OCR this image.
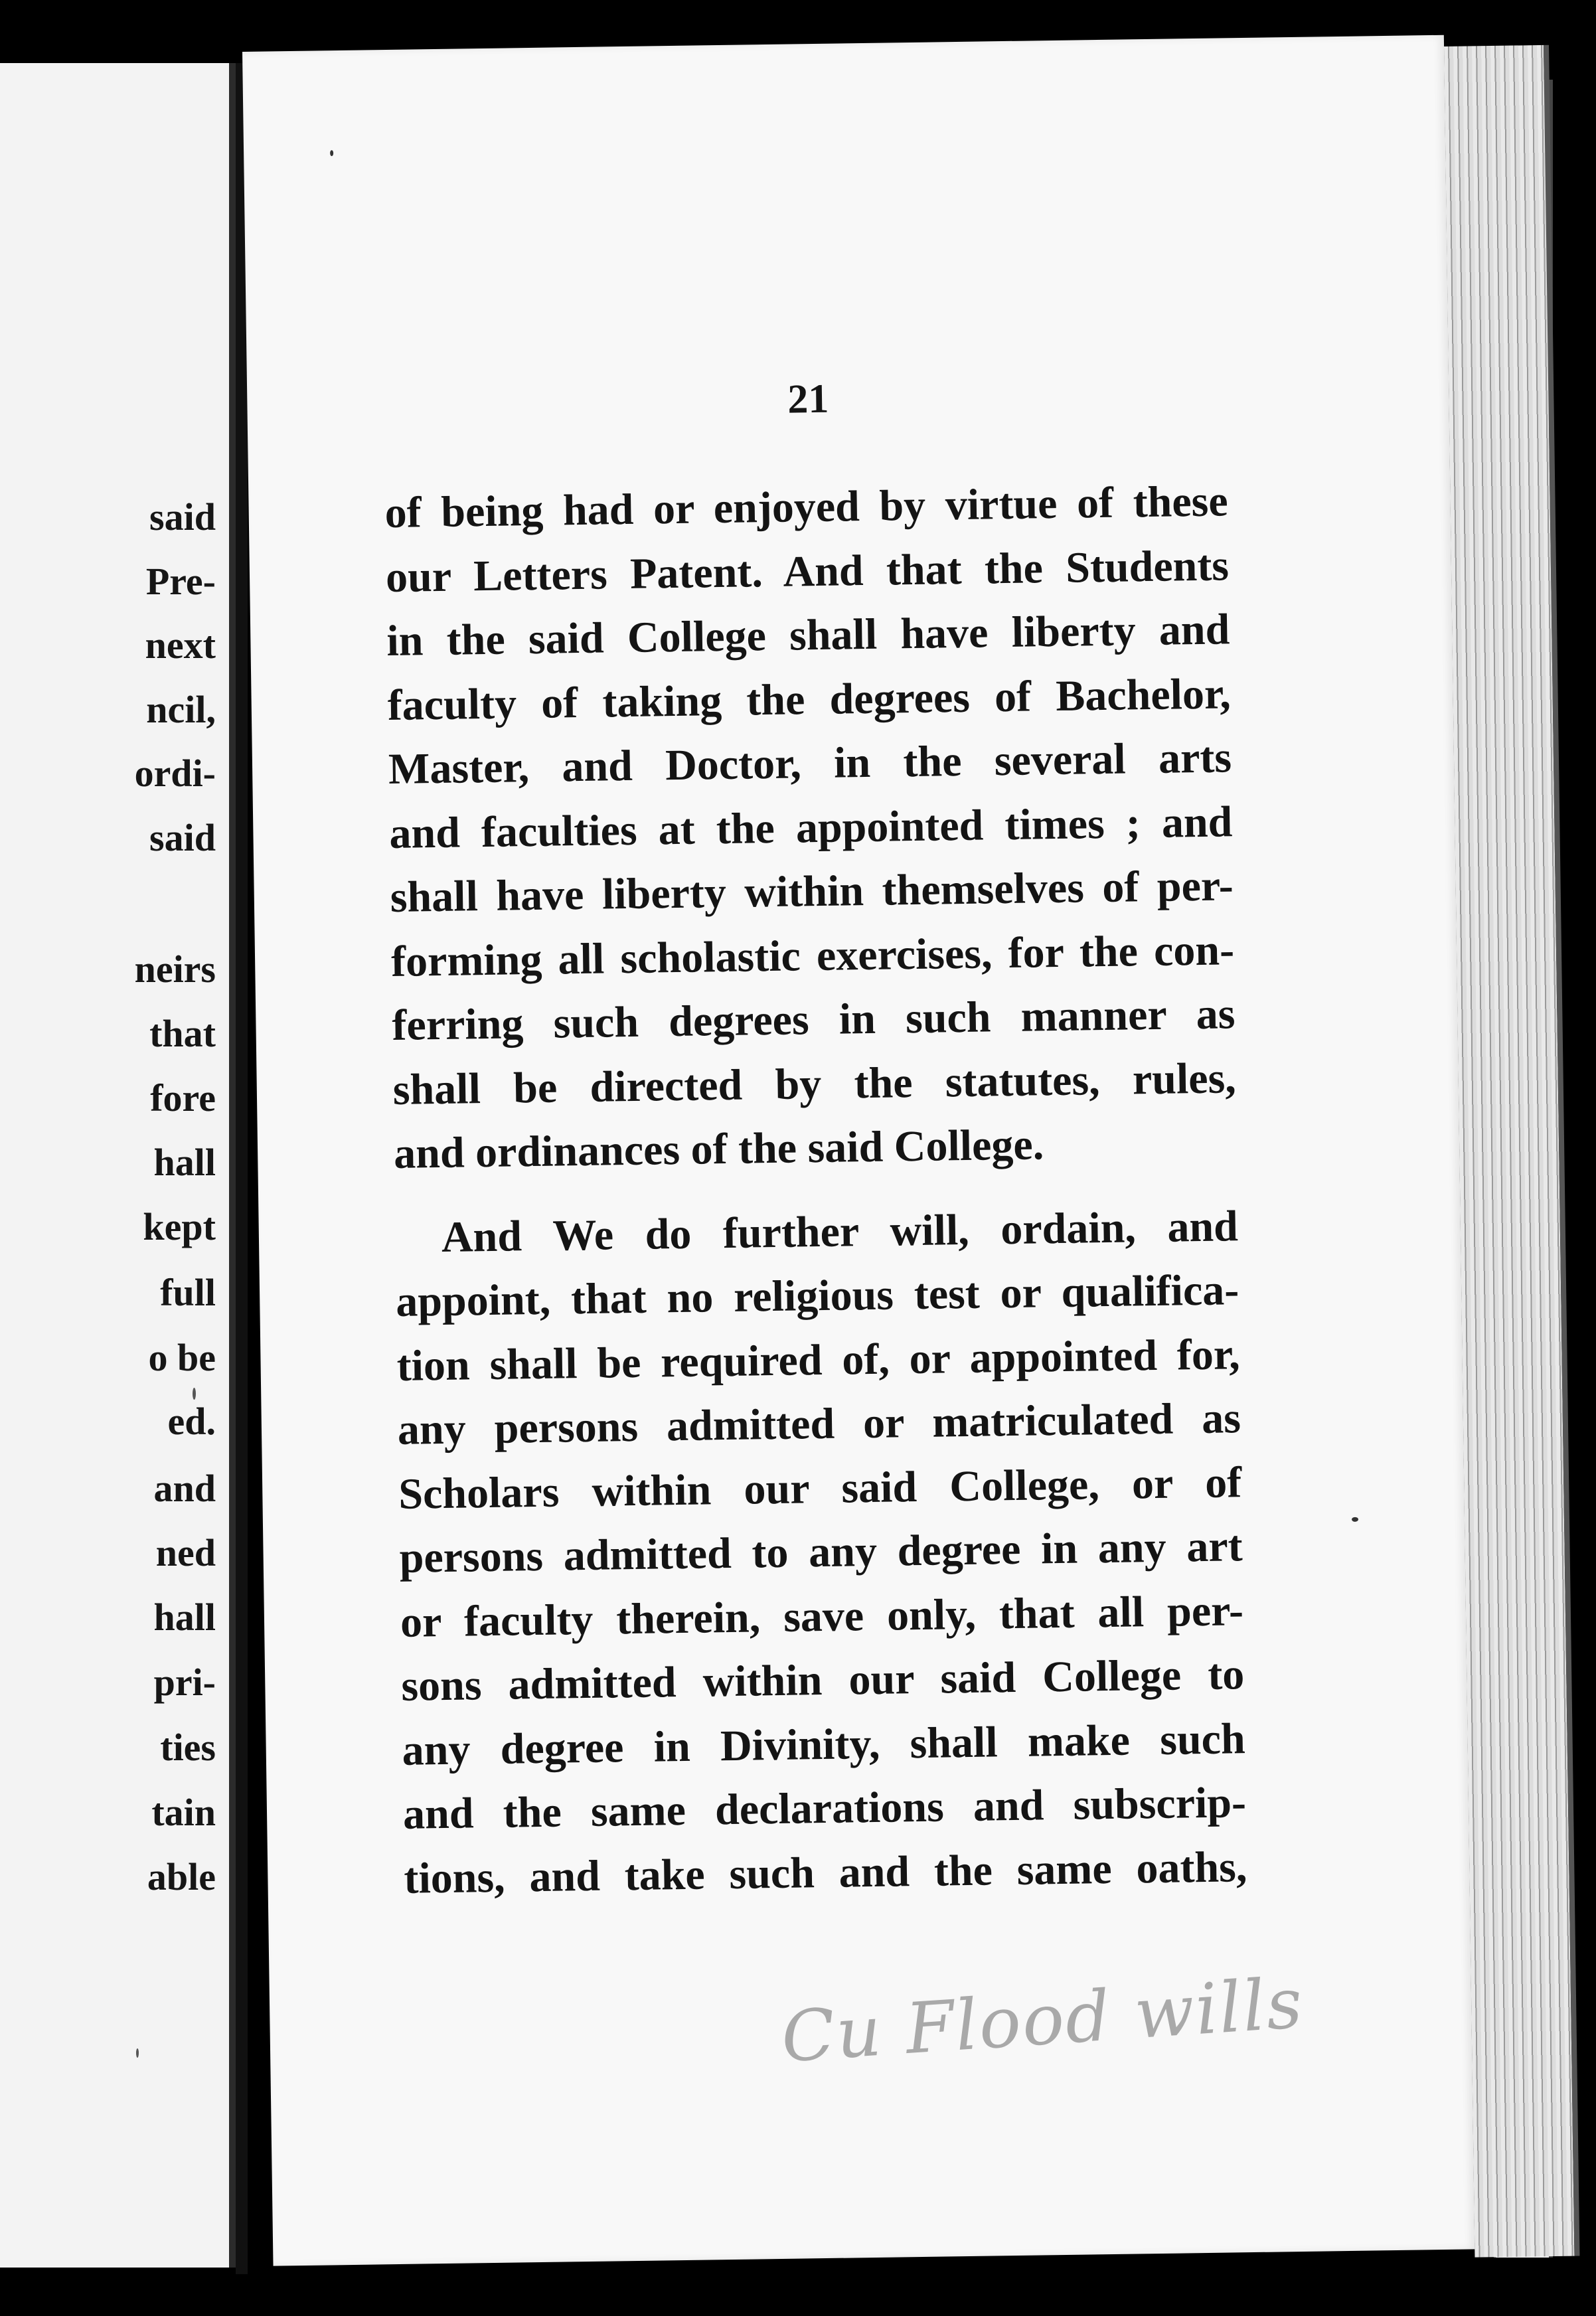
said
Pre-
next
ncil,
ordi-
said
neirs
that
fore
hall
kept
full
o be
ed.
and
ned
hall
pri-
ties
tain
able
21
of being had or enjoyed by virtue of these
our Letters Patent. And that the Students
in the said College shall have liberty and
faculty of taking the degrees of Bachelor,
Master, and Doctor, in the several arts
and faculties at the appointed times ; and
shall have liberty within themselves of per-
forming all scholastic exercises, for the con-
ferring such degrees in such manner as
shall be directed by the statutes, rules,
and ordinances of the said College.
And We do further will, ordain, and
appoint, that no religious test or qualifica-
tion shall be required of, or appointed for,
any persons admitted or matriculated as
Scholars within our said College, or of
persons admitted to any degree in any art
or faculty therein, save only, that all per-
sons admitted within our said College to
any degree in Divinity, shall make such
and the same declarations and subscrip-
tions, and take such and the same oaths,
Cu Flood wills
